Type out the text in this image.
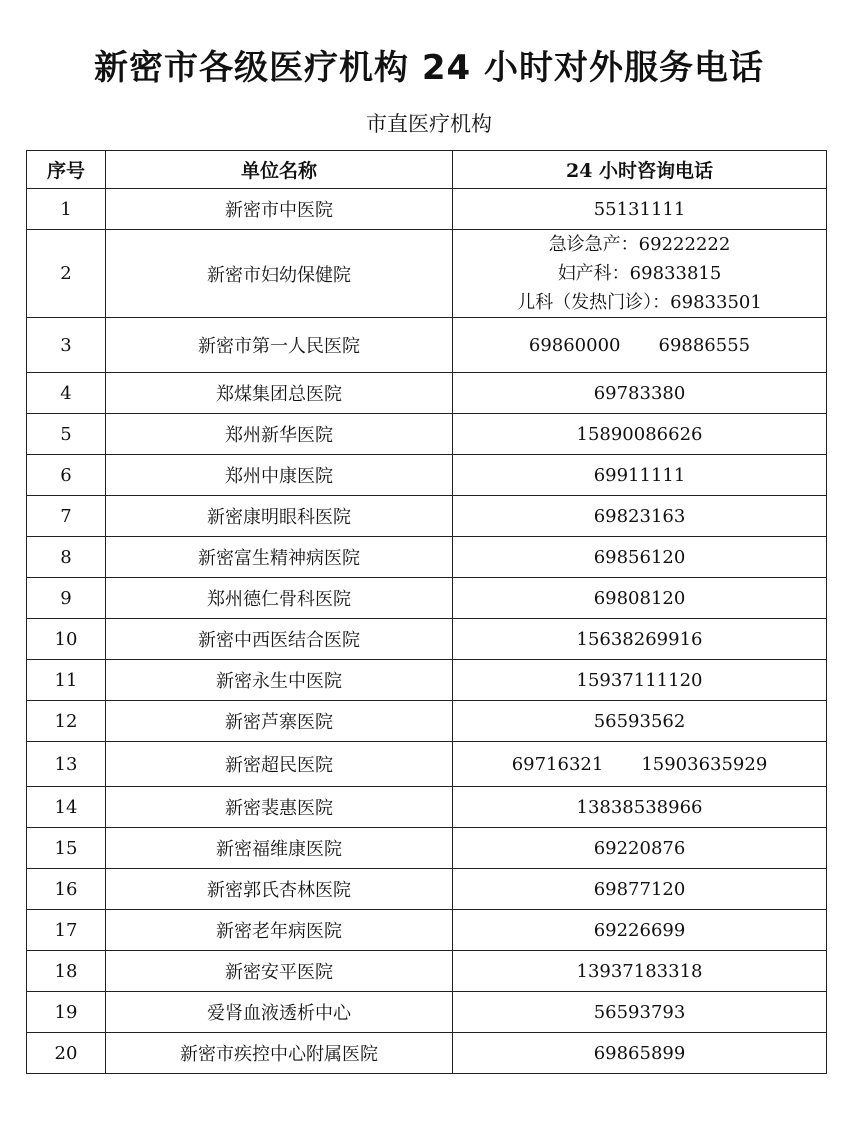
新密市各级医疗机构 24 小时对外服务电话
市直医疗机构
序号	单位名称	24 小时咨询电话
1	新密市中医院	55131111
2	新密市妇幼保健院	急诊急产：69222222
妇产科：69833815
儿科（发热门诊）：69833501

3	新密市第一人民医院	69860000 69886555
4	郑煤集团总医院	69783380
5	郑州新华医院	15890086626
6	郑州中康医院	69911111
7	新密康明眼科医院	69823163
8	新密富生精神病医院	69856120
9	郑州德仁骨科医院	69808120
10	新密中西医结合医院	15638269916
11	新密永生中医院	15937111120
12	新密芦寨医院	56593562
13	新密超民医院	69716321 15903635929
14	新密裴惠医院	13838538966
15	新密福维康医院	69220876
16	新密郭氏杏林医院	69877120
17	新密老年病医院	69226699
18	新密安平医院	13937183318
19	爱肾血液透析中心	56593793
20	新密市疾控中心附属医院	69865899
